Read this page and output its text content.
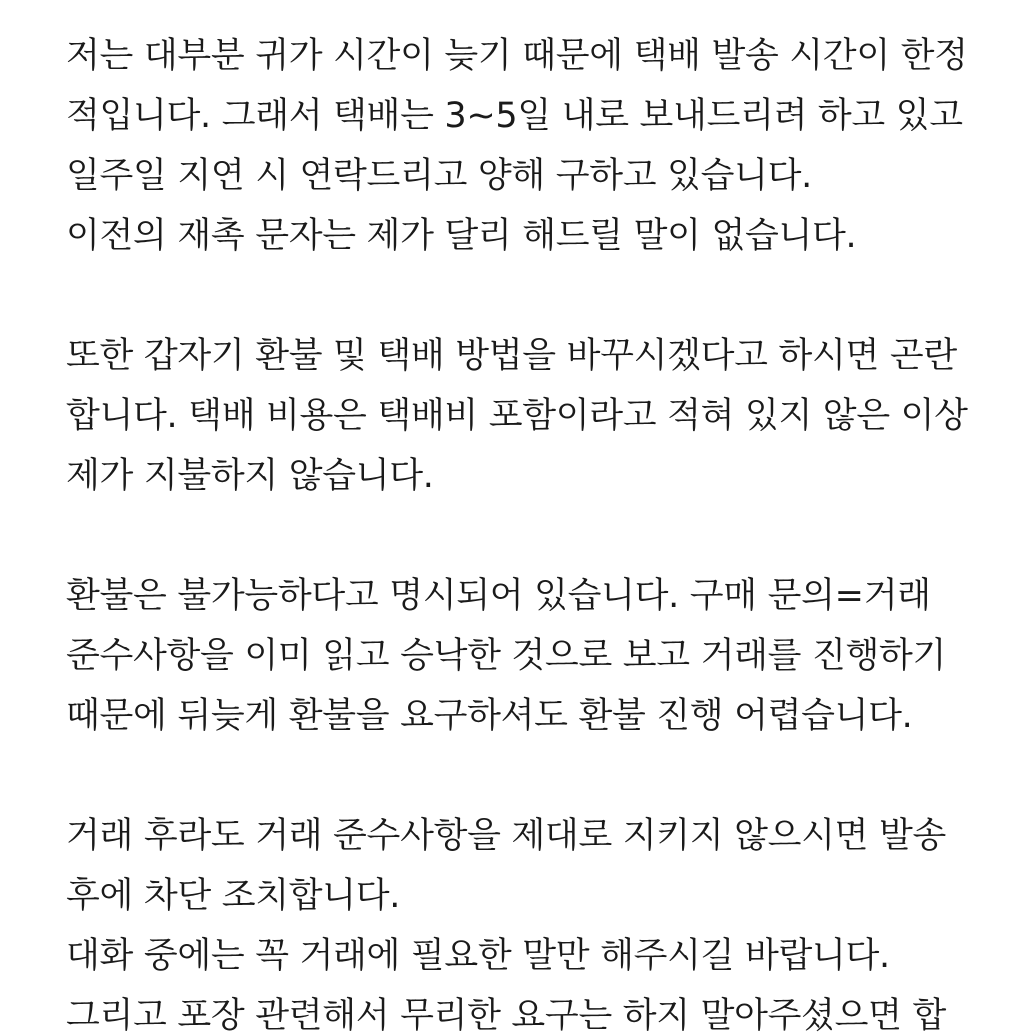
저는 대부분 귀가 시간이 늦기 때문에 택배 발송 시간이 한정
적입니다. 그래서 택배는 3~5일 내로 보내드리려 하고 있고
일주일 지연 시 연락드리고 양해 구하고 있습니다.
이전의 재촉 문자는 제가 달리 해드릴 말이 없습니다.
또한 갑자기 환불 및 택배 방법을 바꾸시겠다고 하시면 곤란
합니다. 택배 비용은 택배비 포함이라고 적혀 있지 않은 이상
제가 지불하지 않습니다.
환불은 불가능하다고 명시되어 있습니다. 구매 문의=거래
준수사항을 이미 읽고 승낙한 것으로 보고 거래를 진행하기
때문에 뒤늦게 환불을 요구하셔도 환불 진행 어렵습니다.
거래 후라도 거래 준수사항을 제대로 지키지 않으시면 발송
후에 차단 조치합니다.
대화 중에는 꼭 거래에 필요한 말만 해주시길 바랍니다.
그리고 포장 관련해서 무리한 요구는 하지 말아주셨으면 합
